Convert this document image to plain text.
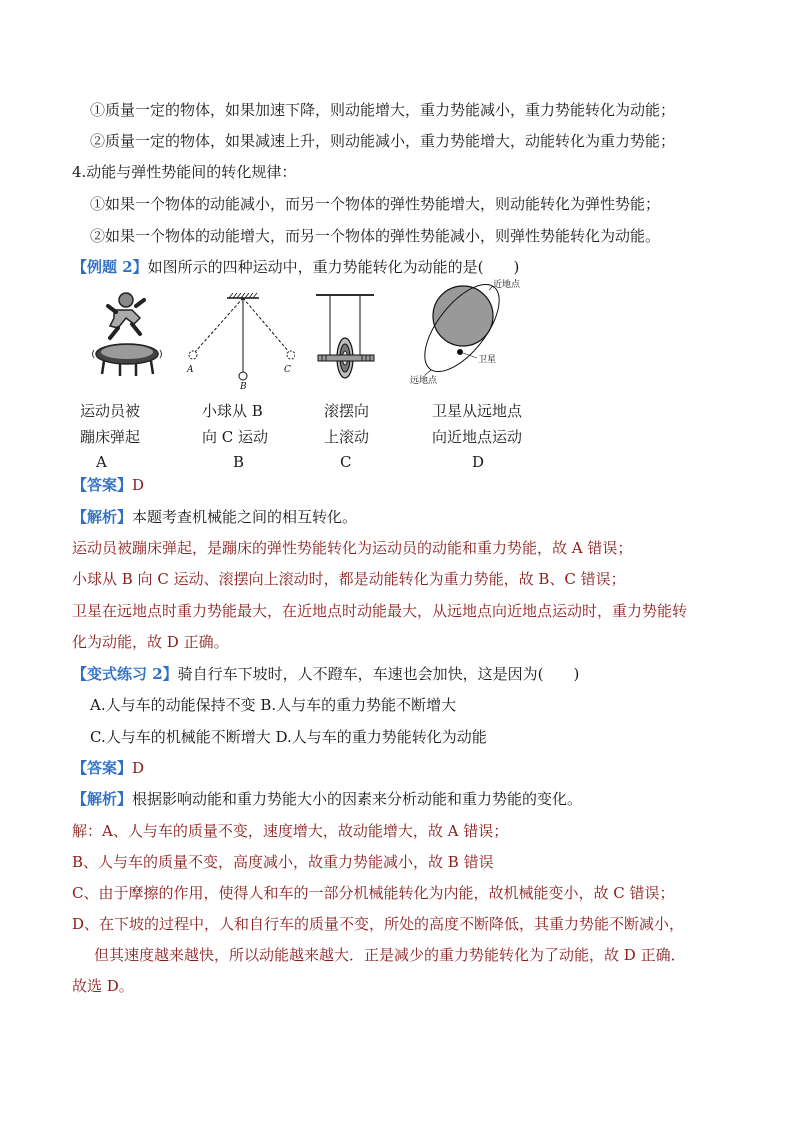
①质量一定的物体，如果加速下降，则动能增大，重力势能减小，重力势能转化为动能；
②质量一定的物体，如果减速上升，则动能减小，重力势能增大，动能转化为重力势能；
4.动能与弹性势能间的转化规律：
①如果一个物体的动能减小，而另一个物体的弹性势能增大，则动能转化为弹性势能；
②如果一个物体的动能增大，而另一个物体的弹性势能减小，则弹性势能转化为动能。
【例题 2】如图所示的四种运动中，重力势能转化为动能的是(　　)
A
B
C
近地点
卫星
远地点
运动员被
蹦床弹起
A
小球从 B
向 C 运动
B
滚摆向
上滚动
C
卫星从远地点
向近地点运动
D
【答案】D
【解析】本题考查机械能之间的相互转化。
运动员被蹦床弹起，是蹦床的弹性势能转化为运动员的动能和重力势能，故 A 错误；
小球从 B 向 C 运动、滚摆向上滚动时，都是动能转化为重力势能，故 B、C 错误；
卫星在远地点时重力势能最大，在近地点时动能最大，从远地点向近地点运动时，重力势能转
化为动能，故 D 正确。
【变式练习 2】骑自行车下坡时，人不蹬车，车速也会加快，这是因为(　　)
A.人与车的动能保持不变 B.人与车的重力势能不断增大
C.人与车的机械能不断增大 D.人与车的重力势能转化为动能
【答案】D
【解析】根据影响动能和重力势能大小的因素来分析动能和重力势能的变化。
解：A、人与车的质量不变，速度增大，故动能增大，故 A 错误；
B、人与车的质量不变，高度减小，故重力势能减小，故 B 错误
C、由于摩擦的作用，使得人和车的一部分机械能转化为内能，故机械能变小，故 C 错误；
D、在下坡的过程中，人和自行车的质量不变，所处的高度不断降低，其重力势能不断减小，
但其速度越来越快，所以动能越来越大．正是减少的重力势能转化为了动能，故 D 正确．
故选 D。
